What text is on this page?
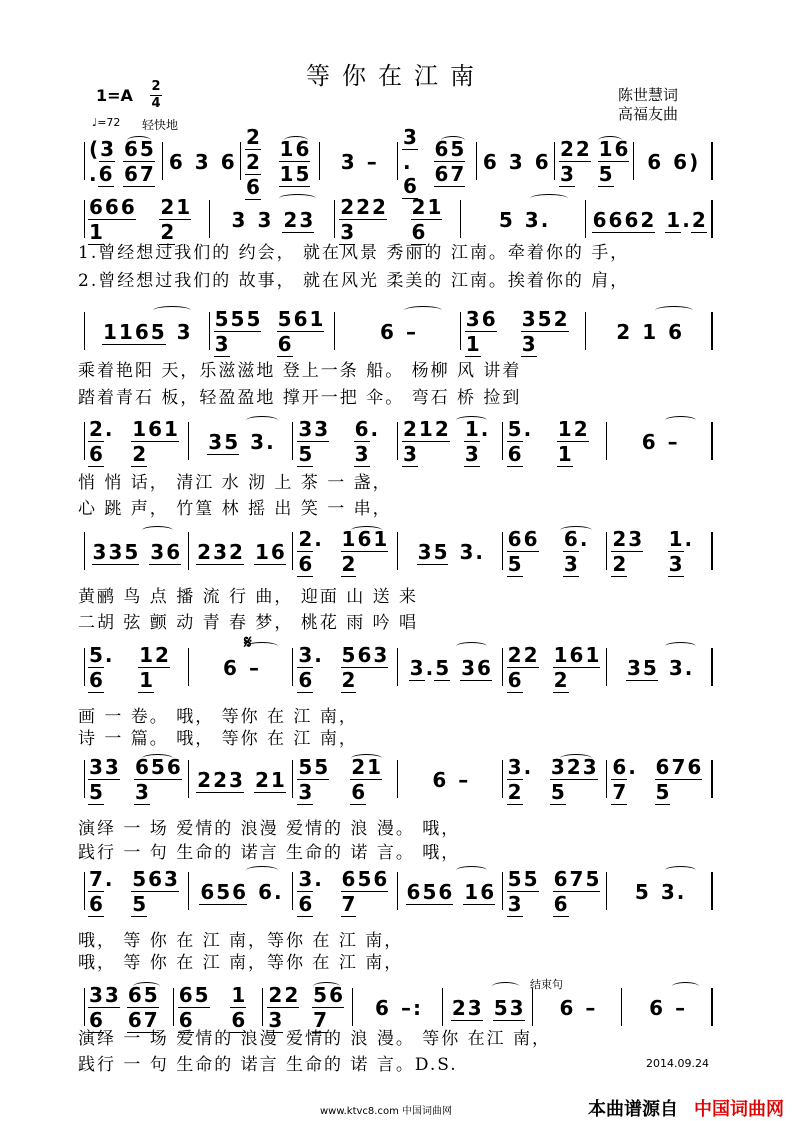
等你在江南
陈世慧词
高福友曲
1=A 2
4
♩=72 轻快地
( 3. 6
6 56 7 6 3 6
226
1 61 5	3 –
3.6
6 56 7 6 3 6
2 23
1 65	6 6 )
6 6 61
2 12	3 3 2 3
2 2 23
2 16	5 3 . 6 6 6 2 1 . 2
1 1 6 5 3
5 5 53
5 6 16	6 –
3 61
3 5 23	2 1 6
2 .6
1 6 12
3 5 3 .
3 35
6 .3
2 1 23
1 .3
5 .6
1 21	6 –
3 3 5 3 6 2 3 2 1 6
2 .6
1 6 12
3 5 3 .
6 65
6 .3
2 32
1 .3
5 .6
1 21	6 –
3 .6
5 6 32
3 . 5 3 6
2 26
1 6 12
3 5 3 .
3 35
6 5 63
2 2 3 2 1
5 53
2 16	6 –
3 .2
3 2 35
6 .7
6 7 65
7 .6
5 6 35
6 5 6 6 .
3 .6
6 5 67
6 5 6 1 6
5 53
6 7 56	5 3 .
3 36
6 56 7
6 56
16
2 23
5 67	6 – : 2 3 5 3 6 –	6 –
1.曾经想过我们的 约会， 就在风景 秀丽的 江南。牵着你的 手，
2.曾经想过我们的 故事， 就在风光 柔美的 江南。挨着你的 肩，
乘着艳阳 天，乐滋滋地 登上一条 船。 杨柳 风 讲着
踏着青石 板，轻盈盈地 撑开一把 伞。 弯石 桥 捡到
悄 悄 话， 清江 水 沏 上 茶 一 盏，
心 跳 声， 竹篁 林 摇 出 笑 一 串，
黄鹂 鸟 点 播 流 行 曲， 迎面 山 送 来
二胡 弦 颤 动 青 春 梦， 桃花 雨 吟 唱
画 一 卷。 哦， 等你 在 江 南，
诗 一 篇。 哦， 等你 在 江 南，
演绎 一 场 爱情的 浪漫 爱情的 浪 漫。 哦，
践行 一 句 生命的 诺言 生命的 诺 言。 哦，
哦， 等 你 在 江 南，等你 在 江 南，
哦， 等 你 在 江 南，等你 在 江 南，
演绎 一 场 爱情的 浪漫 爱情的 浪 漫。 等你 在江 南，
践行 一 句 生命的 诺言 生命的 诺 言。D.S.
𝄋
结束句
2014.09.24
www.ktvc8.com 中国词曲网	本曲谱源自 中国词曲网
